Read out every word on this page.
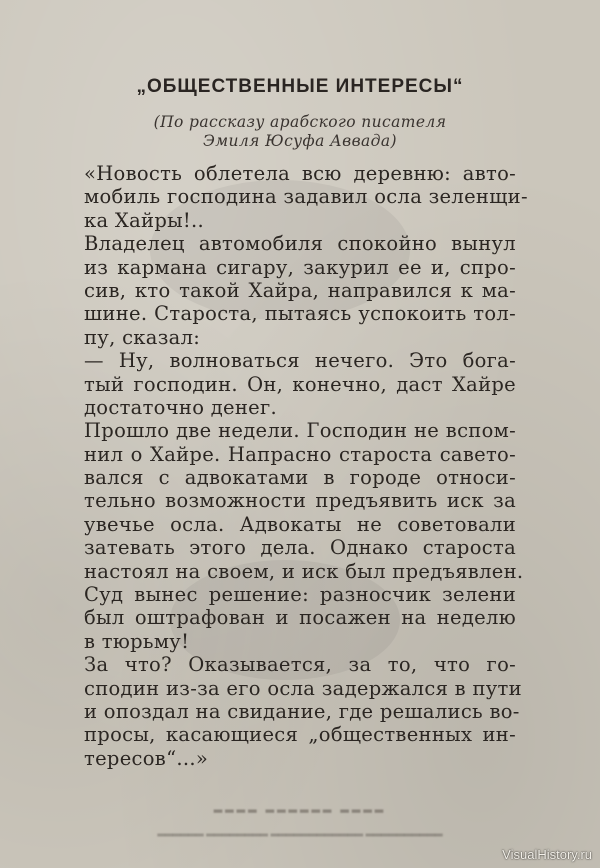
„ОБЩЕСТВЕННЫЕ ИНТЕРЕСЫ“
(По рассказу арабского писателя
Эмиля Юсуфа Аввада)
«Новость облетела всю деревню: авто-
мобиль господина задавил осла зеленщи-
ка Хайры!..
Владелец автомобиля спокойно вынул
из кармана сигару, закурил ее и, спро-
сив, кто такой Хайра, направился к ма-
шине. Староста, пытаясь успокоить тол-
пу, сказал:
— Ну, волноваться нечего. Это бога-
тый господин. Он, конечно, даст Хайре
достаточно денег.
Прошло две недели. Господин не вспом-
нил о Хайре. Напрасно староста савето-
вался с адвокатами в городе относи-
тельно возможности предъявить иск за
увечье осла. Адвокаты не советовали
затевать этого дела. Однако староста
настоял на своем, и иск был предъявлен.
Суд вынес решение: разносчик зелени
был оштрафован и посажен на неделю
в тюрьму!
За что? Оказывается, за то, что го-
сподин из-за его осла задержался в пути
и опоздал на свидание, где решались во-
просы, касающиеся „общественных ин-
тересов“...»
▂▂▂▂ ▂▂▂▂▂▂ ▂▂▂▂
▂▂▂▂▂▂ ▂▂▂▂▂▂▂▂ ▂▂▂▂▂▂▂▂▂▂▂▂ ▂▂▂▂▂▂▂▂▂▂
VisualHistory.ru
